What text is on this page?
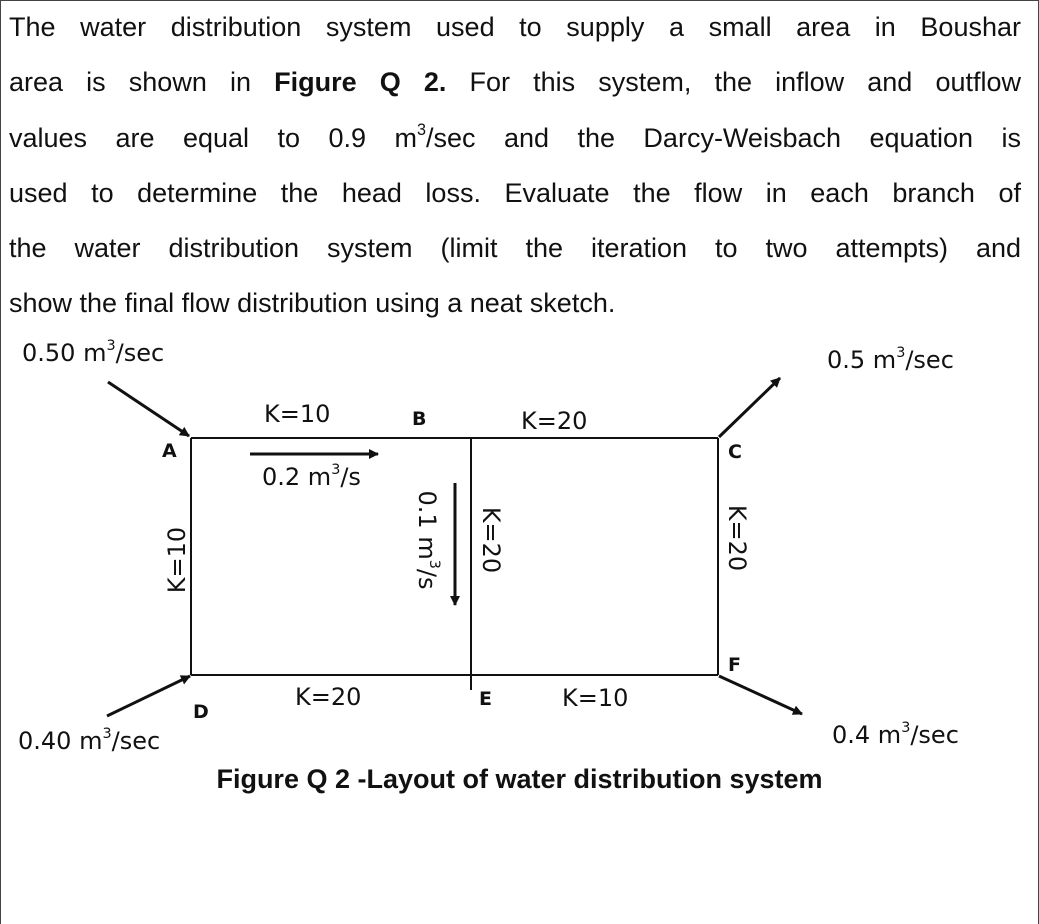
The water distribution system used to supply a small area in Boushar
area is shown in Figure Q 2. For this system, the inflow and outflow
values are equal to 0.9 $m^3/\sec$ and the Darcy-Weisbach equation is
used to determine the head loss. Evaluate the flow in each branch of
the water distribution system (limit the iteration to two attempts) and
show the final flow distribution using a neat sketch.
A
B
C
D
E
F
K=10	K=20
K=20	K=10
K=10	K=20	K=20
0.50 $m^3/\sec$	0.5 $m^3/\sec$
0.40 $m^3/\sec$	0.4 $m^3/\sec$
0.2 $m^3/s$
0.1 $m^3/s$
Figure Q 2 -Layout of water distribution system
